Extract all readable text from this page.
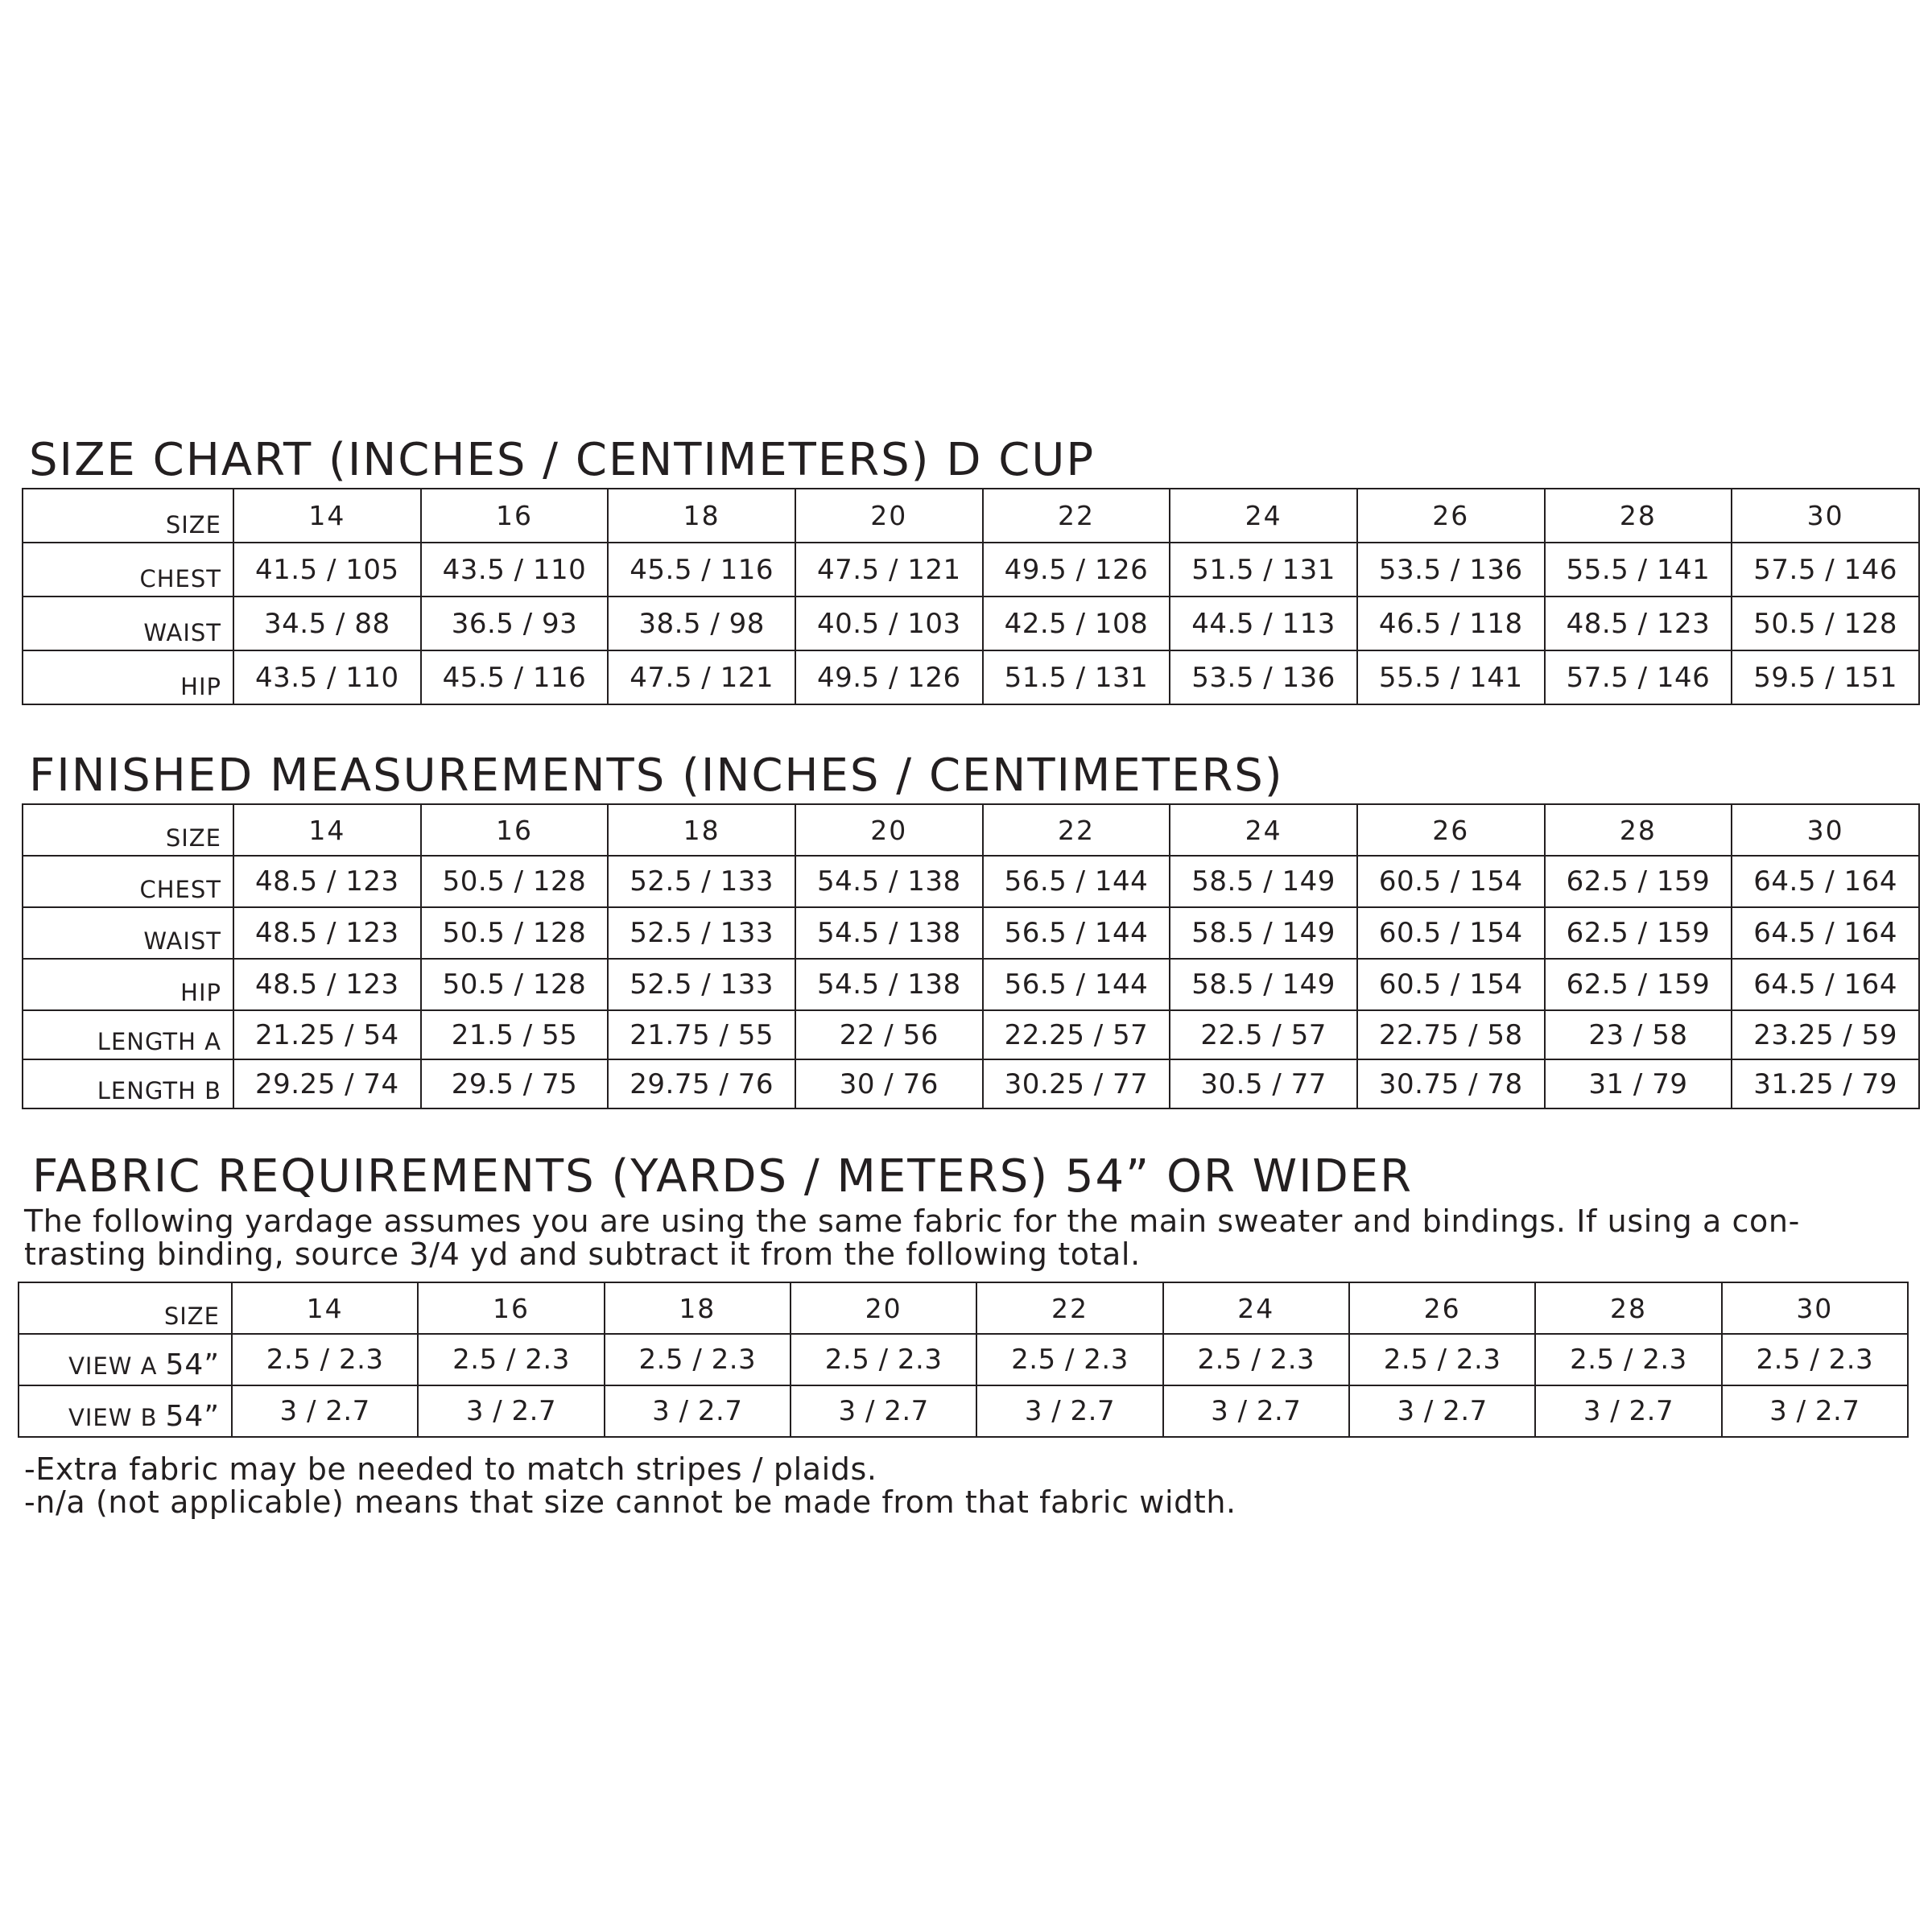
SIZE CHART (INCHES / CENTIMETERS) D CUP
SIZE	14	16	18	20	22	24	26	28	30
CHEST	41.5 / 105	43.5 / 110	45.5 / 116	47.5 / 121	49.5 / 126	51.5 / 131	53.5 / 136	55.5 / 141	57.5 / 146
WAIST	34.5 / 88	36.5 / 93	38.5 / 98	40.5 / 103	42.5 / 108	44.5 / 113	46.5 / 118	48.5 / 123	50.5 / 128
HIP	43.5 / 110	45.5 / 116	47.5 / 121	49.5 / 126	51.5 / 131	53.5 / 136	55.5 / 141	57.5 / 146	59.5 / 151
FINISHED MEASUREMENTS (INCHES / CENTIMETERS)
SIZE	14	16	18	20	22	24	26	28	30
CHEST	48.5 / 123	50.5 / 128	52.5 / 133	54.5 / 138	56.5 / 144	58.5 / 149	60.5 / 154	62.5 / 159	64.5 / 164
WAIST	48.5 / 123	50.5 / 128	52.5 / 133	54.5 / 138	56.5 / 144	58.5 / 149	60.5 / 154	62.5 / 159	64.5 / 164
HIP	48.5 / 123	50.5 / 128	52.5 / 133	54.5 / 138	56.5 / 144	58.5 / 149	60.5 / 154	62.5 / 159	64.5 / 164
LENGTH A	21.25 / 54	21.5 / 55	21.75 / 55	22 / 56	22.25 / 57	22.5 / 57	22.75 / 58	23 / 58	23.25 / 59
LENGTH B	29.25 / 74	29.5 / 75	29.75 / 76	30 / 76	30.25 / 77	30.5 / 77	30.75 / 78	31 / 79	31.25 / 79
FABRIC REQUIREMENTS (YARDS / METERS) 54” OR WIDER
The following yardage assumes you are using the same fabric for the main sweater and bindings. If using a con-
trasting binding, source 3/4 yd and subtract it from the following total.
SIZE	14	16	18	20	22	24	26	28	30
VIEW A 54”	2.5 / 2.3	2.5 / 2.3	2.5 / 2.3	2.5 / 2.3	2.5 / 2.3	2.5 / 2.3	2.5 / 2.3	2.5 / 2.3	2.5 / 2.3
VIEW B 54”	3 / 2.7	3 / 2.7	3 / 2.7	3 / 2.7	3 / 2.7	3 / 2.7	3 / 2.7	3 / 2.7	3 / 2.7
-Extra fabric may be needed to match stripes / plaids.
-n/a (not applicable) means that size cannot be made from that fabric width.
